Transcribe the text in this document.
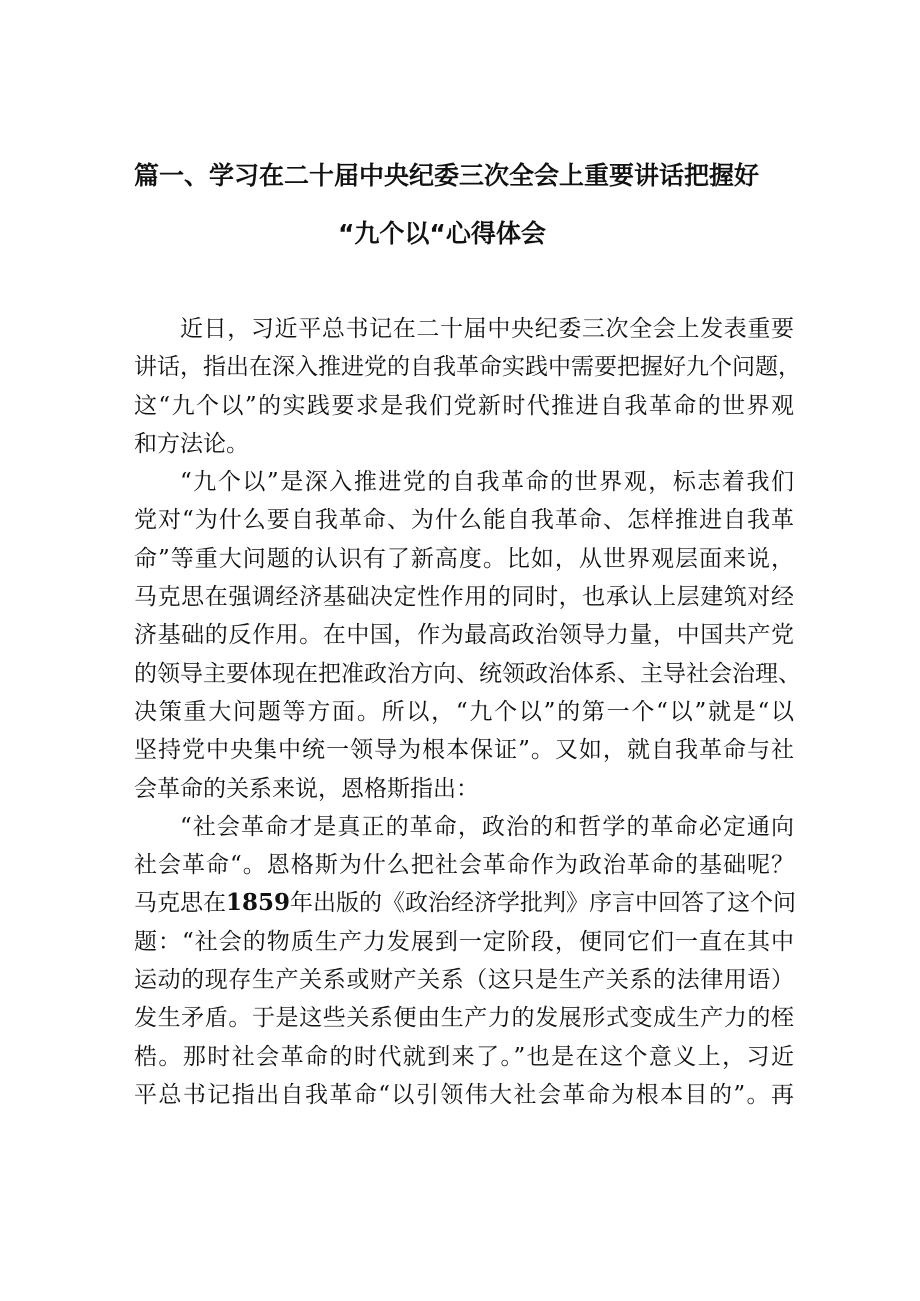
篇一、学习在二十届中央纪委三次全会上重要讲话把握好
“九个以“心得体会
近日，习近平总书记在二十届中央纪委三次全会上发表重要
讲话，指出在深入推进党的自我革命实践中需要把握好九个问题，
这“九个以”的实践要求是我们党新时代推进自我革命的世界观
和方法论。
“九个以”是深入推进党的自我革命的世界观，标志着我们
党对“为什么要自我革命、为什么能自我革命、怎样推进自我革
命”等重大问题的认识有了新高度。比如，从世界观层面来说，
马克思在强调经济基础决定性作用的同时，也承认上层建筑对经
济基础的反作用。在中国，作为最高政治领导力量，中国共产党
的领导主要体现在把准政治方向、统领政治体系、主导社会治理、
决策重大问题等方面。所以，“九个以”的第一个“以”就是“以
坚持党中央集中统一领导为根本保证”。又如，就自我革命与社
会革命的关系来说，恩格斯指出：
“社会革命才是真正的革命，政治的和哲学的革命必定通向
社会革命“。恩格斯为什么把社会革命作为政治革命的基础呢？
马克思在1859年出版的《政治经济学批判》序言中回答了这个问
题：“社会的物质生产力发展到一定阶段，便同它们一直在其中
运动的现存生产关系或财产关系（这只是生产关系的法律用语）
发生矛盾。于是这些关系便由生产力的发展形式变成生产力的桎
梏。那时社会革命的时代就到来了。”也是在这个意义上，习近
平总书记指出自我革命“以引领伟大社会革命为根本目的”。再
